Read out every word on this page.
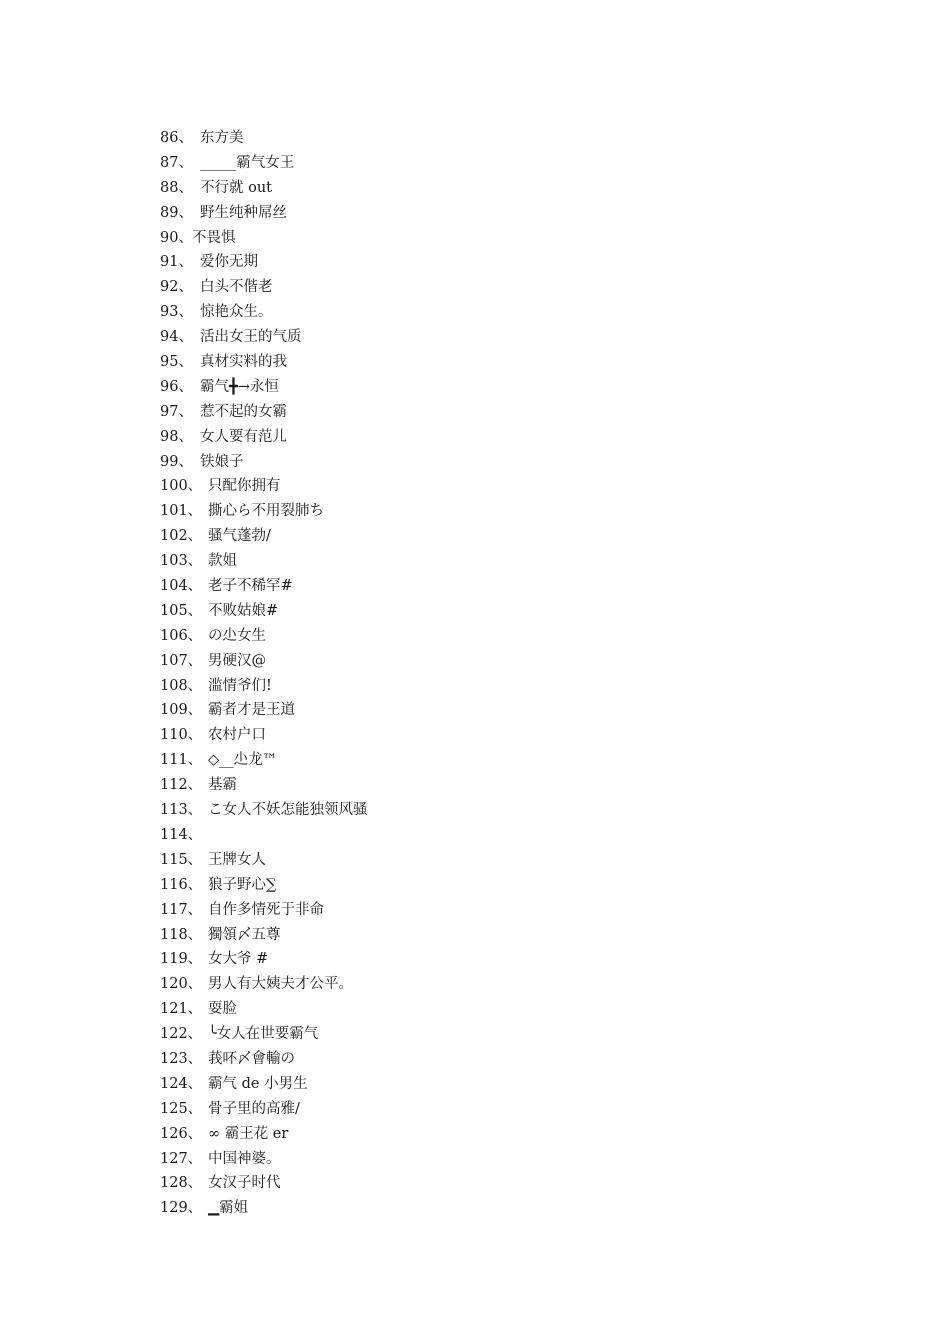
86、 东方美
87、 _____霸气女王
88、 不行就 out
89、 野生纯种屌丝
90、 不畏惧
91、 爱你无期
92、 白头不偕老
93、 惊艳众生。
94、 活出女王的气质
95、 真材实料的我
96、 霸气╋→永恒
97、 惹不起的女霸
98、 女人要有范儿
99、 铁娘子
100、 只配你拥有
101、 撕心ら不用裂肺ち
102、 骚气蓬勃/
103、 款姐
104、 老子不稀罕#
105、 不败姑娘#
106、 の尐女生
107、 男硬汉@
108、 滥情爷们!
109、 霸者才是王道
110、 农村户口
111、 ◇__尐龙™
112、 基霸
113、 こ女人不妖怎能独领风骚
114、
115、 王牌女人
116、 狼子野心∑
117、 自作多情死于非命
118、 獨領〆五尊
119、 女大爷 #
120、 男人有大姨夫才公平。
121、 耍脸
122、 ╰女人在世要霸气
123、 莪吥〆會輸の
124、 霸气 de 小男生
125、 骨子里的高雅/
126、 ∞ 霸王花 er
127、 中国神婆。
128、 女汉子时代
129、 ▁霸姐
